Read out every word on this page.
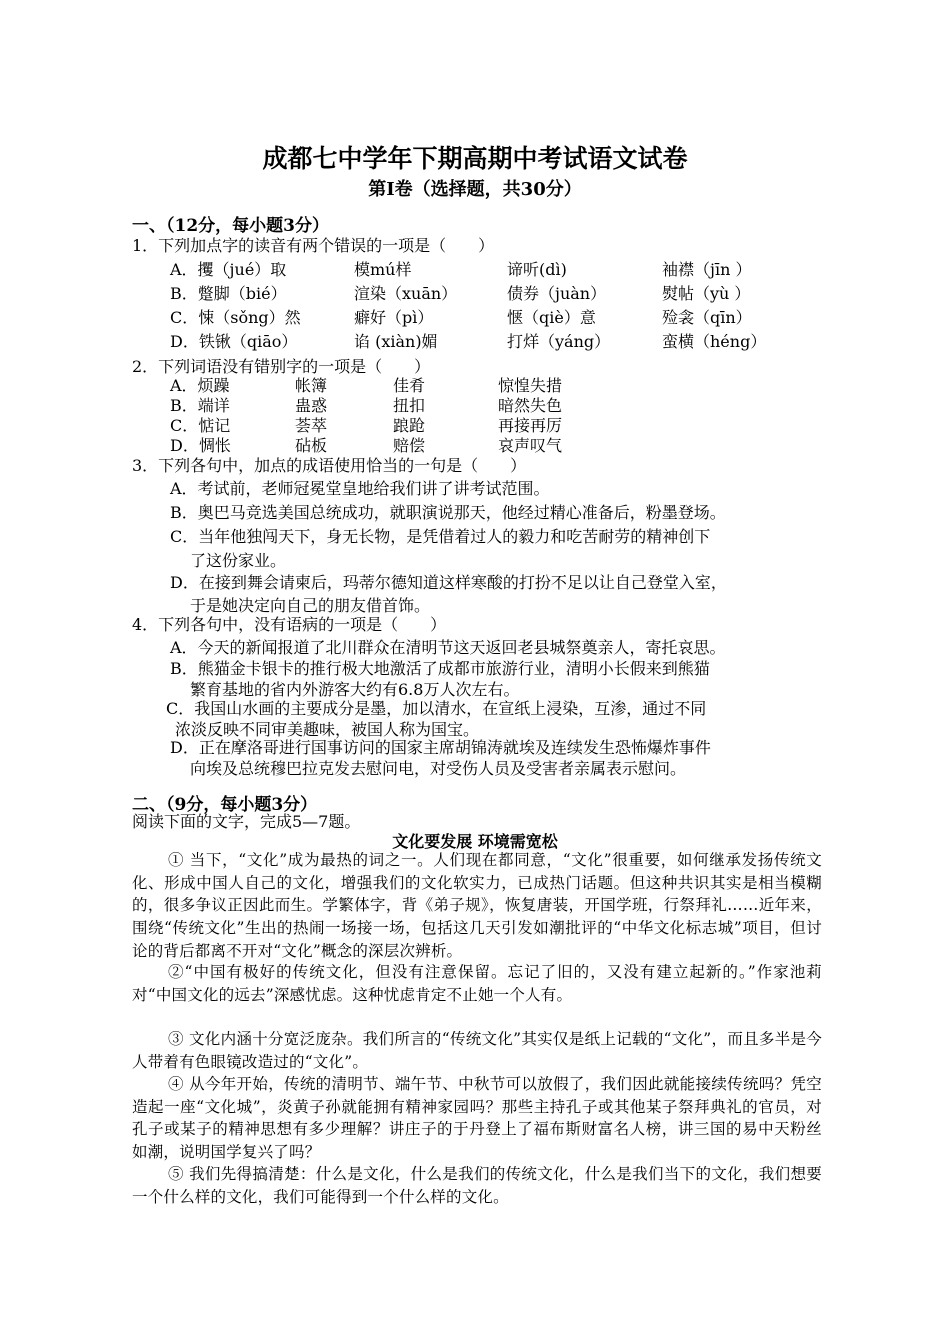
成都七中学年下期高期中考试语文试卷
第Ⅰ卷（选择题，共30分）
一、（12分，每小题3分）
1．下列加点字的读音有两个错误的一项是（　　）
A．攫（jué）取	模mú样	谛听(dì)	袖襟（jīn ）
B．蹩脚（bié）	渲染（xuān）	债券（juàn）	熨帖（yù ）
C．悚（sǒng）然	癖好（pì）	惬（qiè）意	殓衾（qīn）
D．铁锹（qiāo）	谄 (xiàn)媚	打烊（yáng）	蛮横（héng）
2．下列词语没有错别字的一项是（　　）
A．烦躁	帐簿	佳肴	惊惶失措
B．端详	蛊惑	扭扣	暗然失色
C．惦记	荟萃	踉跄	再接再厉
D．惆怅	砧板	赔偿	哀声叹气
3．下列各句中，加点的成语使用恰当的一句是（　　）
A．考试前，老师冠冕堂皇地给我们讲了讲考试范围。
B．奥巴马竞选美国总统成功，就职演说那天，他经过精心准备后，粉墨登场。
C．当年他独闯天下，身无长物，是凭借着过人的毅力和吃苦耐劳的精神创下
了这份家业。
D．在接到舞会请柬后，玛蒂尔德知道这样寒酸的打扮不足以让自己登堂入室，
于是她决定向自己的朋友借首饰。
4．下列各句中，没有语病的一项是（　　）
A．今天的新闻报道了北川群众在清明节这天返回老县城祭奠亲人，寄托哀思。
B．熊猫金卡银卡的推行极大地激活了成都市旅游行业，清明小长假来到熊猫
繁育基地的省内外游客大约有6.8万人次左右。
C．我国山水画的主要成分是墨，加以清水，在宣纸上浸染，互渗，通过不同
浓淡反映不同审美趣味，被国人称为国宝。
D．正在摩洛哥进行国事访问的国家主席胡锦涛就埃及连续发生恐怖爆炸事件
向埃及总统穆巴拉克发去慰问电，对受伤人员及受害者亲属表示慰问。
二、（9分，每小题3分）
阅读下面的文字，完成5—7题。
文化要发展 环境需宽松
① 当下，“文化”成为最热的词之一。人们现在都同意，“文化”很重要，如何继承发扬传统文化、形成中国人自己的文化，增强我们的文化软实力，已成热门话题。但这种共识其实是相当模糊的，很多争议正因此而生。学繁体字，背《弟子规》，恢复唐装，开国学班，行祭拜礼……近年来，围绕“传统文化”生出的热闹一场接一场，包括这几天引发如潮批评的“中华文化标志城”项目，但讨论的背后都离不开对“文化”概念的深层次辨析。
②“中国有极好的传统文化，但没有注意保留。忘记了旧的，又没有建立起新的。”作家池莉对“中国文化的远去”深感忧虑。这种忧虑肯定不止她一个人有。
③ 文化内涵十分宽泛庞杂。我们所言的“传统文化”其实仅是纸上记载的“文化”，而且多半是今人带着有色眼镜改造过的“文化”。
④ 从今年开始，传统的清明节、端午节、中秋节可以放假了，我们因此就能接续传统吗？凭空造起一座“文化城”，炎黄子孙就能拥有精神家园吗？那些主持孔子或其他某子祭拜典礼的官员，对孔子或某子的精神思想有多少理解？讲庄子的于丹登上了福布斯财富名人榜，讲三国的易中天粉丝如潮，说明国学复兴了吗？
⑤ 我们先得搞清楚：什么是文化，什么是我们的传统文化，什么是我们当下的文化，我们想要一个什么样的文化，我们可能得到一个什么样的文化。
